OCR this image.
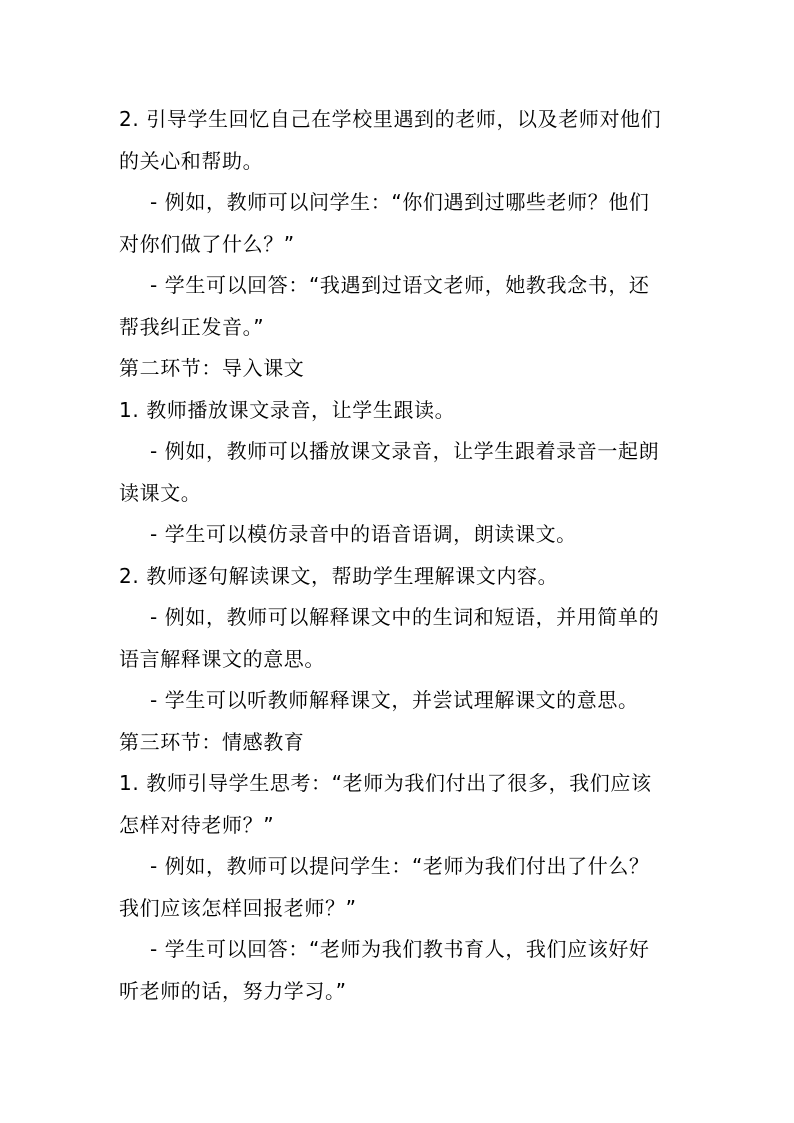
2. 引导学生回忆自己在学校里遇到的老师，以及老师对他们
的关心和帮助。
- 例如，教师可以问学生：“你们遇到过哪些老师？他们
对你们做了什么？”
- 学生可以回答：“我遇到过语文老师，她教我念书，还
帮我纠正发音。”
第二环节：导入课文
1. 教师播放课文录音，让学生跟读。
- 例如，教师可以播放课文录音，让学生跟着录音一起朗
读课文。
- 学生可以模仿录音中的语音语调，朗读课文。
2. 教师逐句解读课文，帮助学生理解课文内容。
- 例如，教师可以解释课文中的生词和短语，并用简单的
语言解释课文的意思。
- 学生可以听教师解释课文，并尝试理解课文的意思。
第三环节：情感教育
1. 教师引导学生思考：“老师为我们付出了很多，我们应该
怎样对待老师？”
- 例如，教师可以提问学生：“老师为我们付出了什么？
我们应该怎样回报老师？”
- 学生可以回答：“老师为我们教书育人，我们应该好好
听老师的话，努力学习。”
